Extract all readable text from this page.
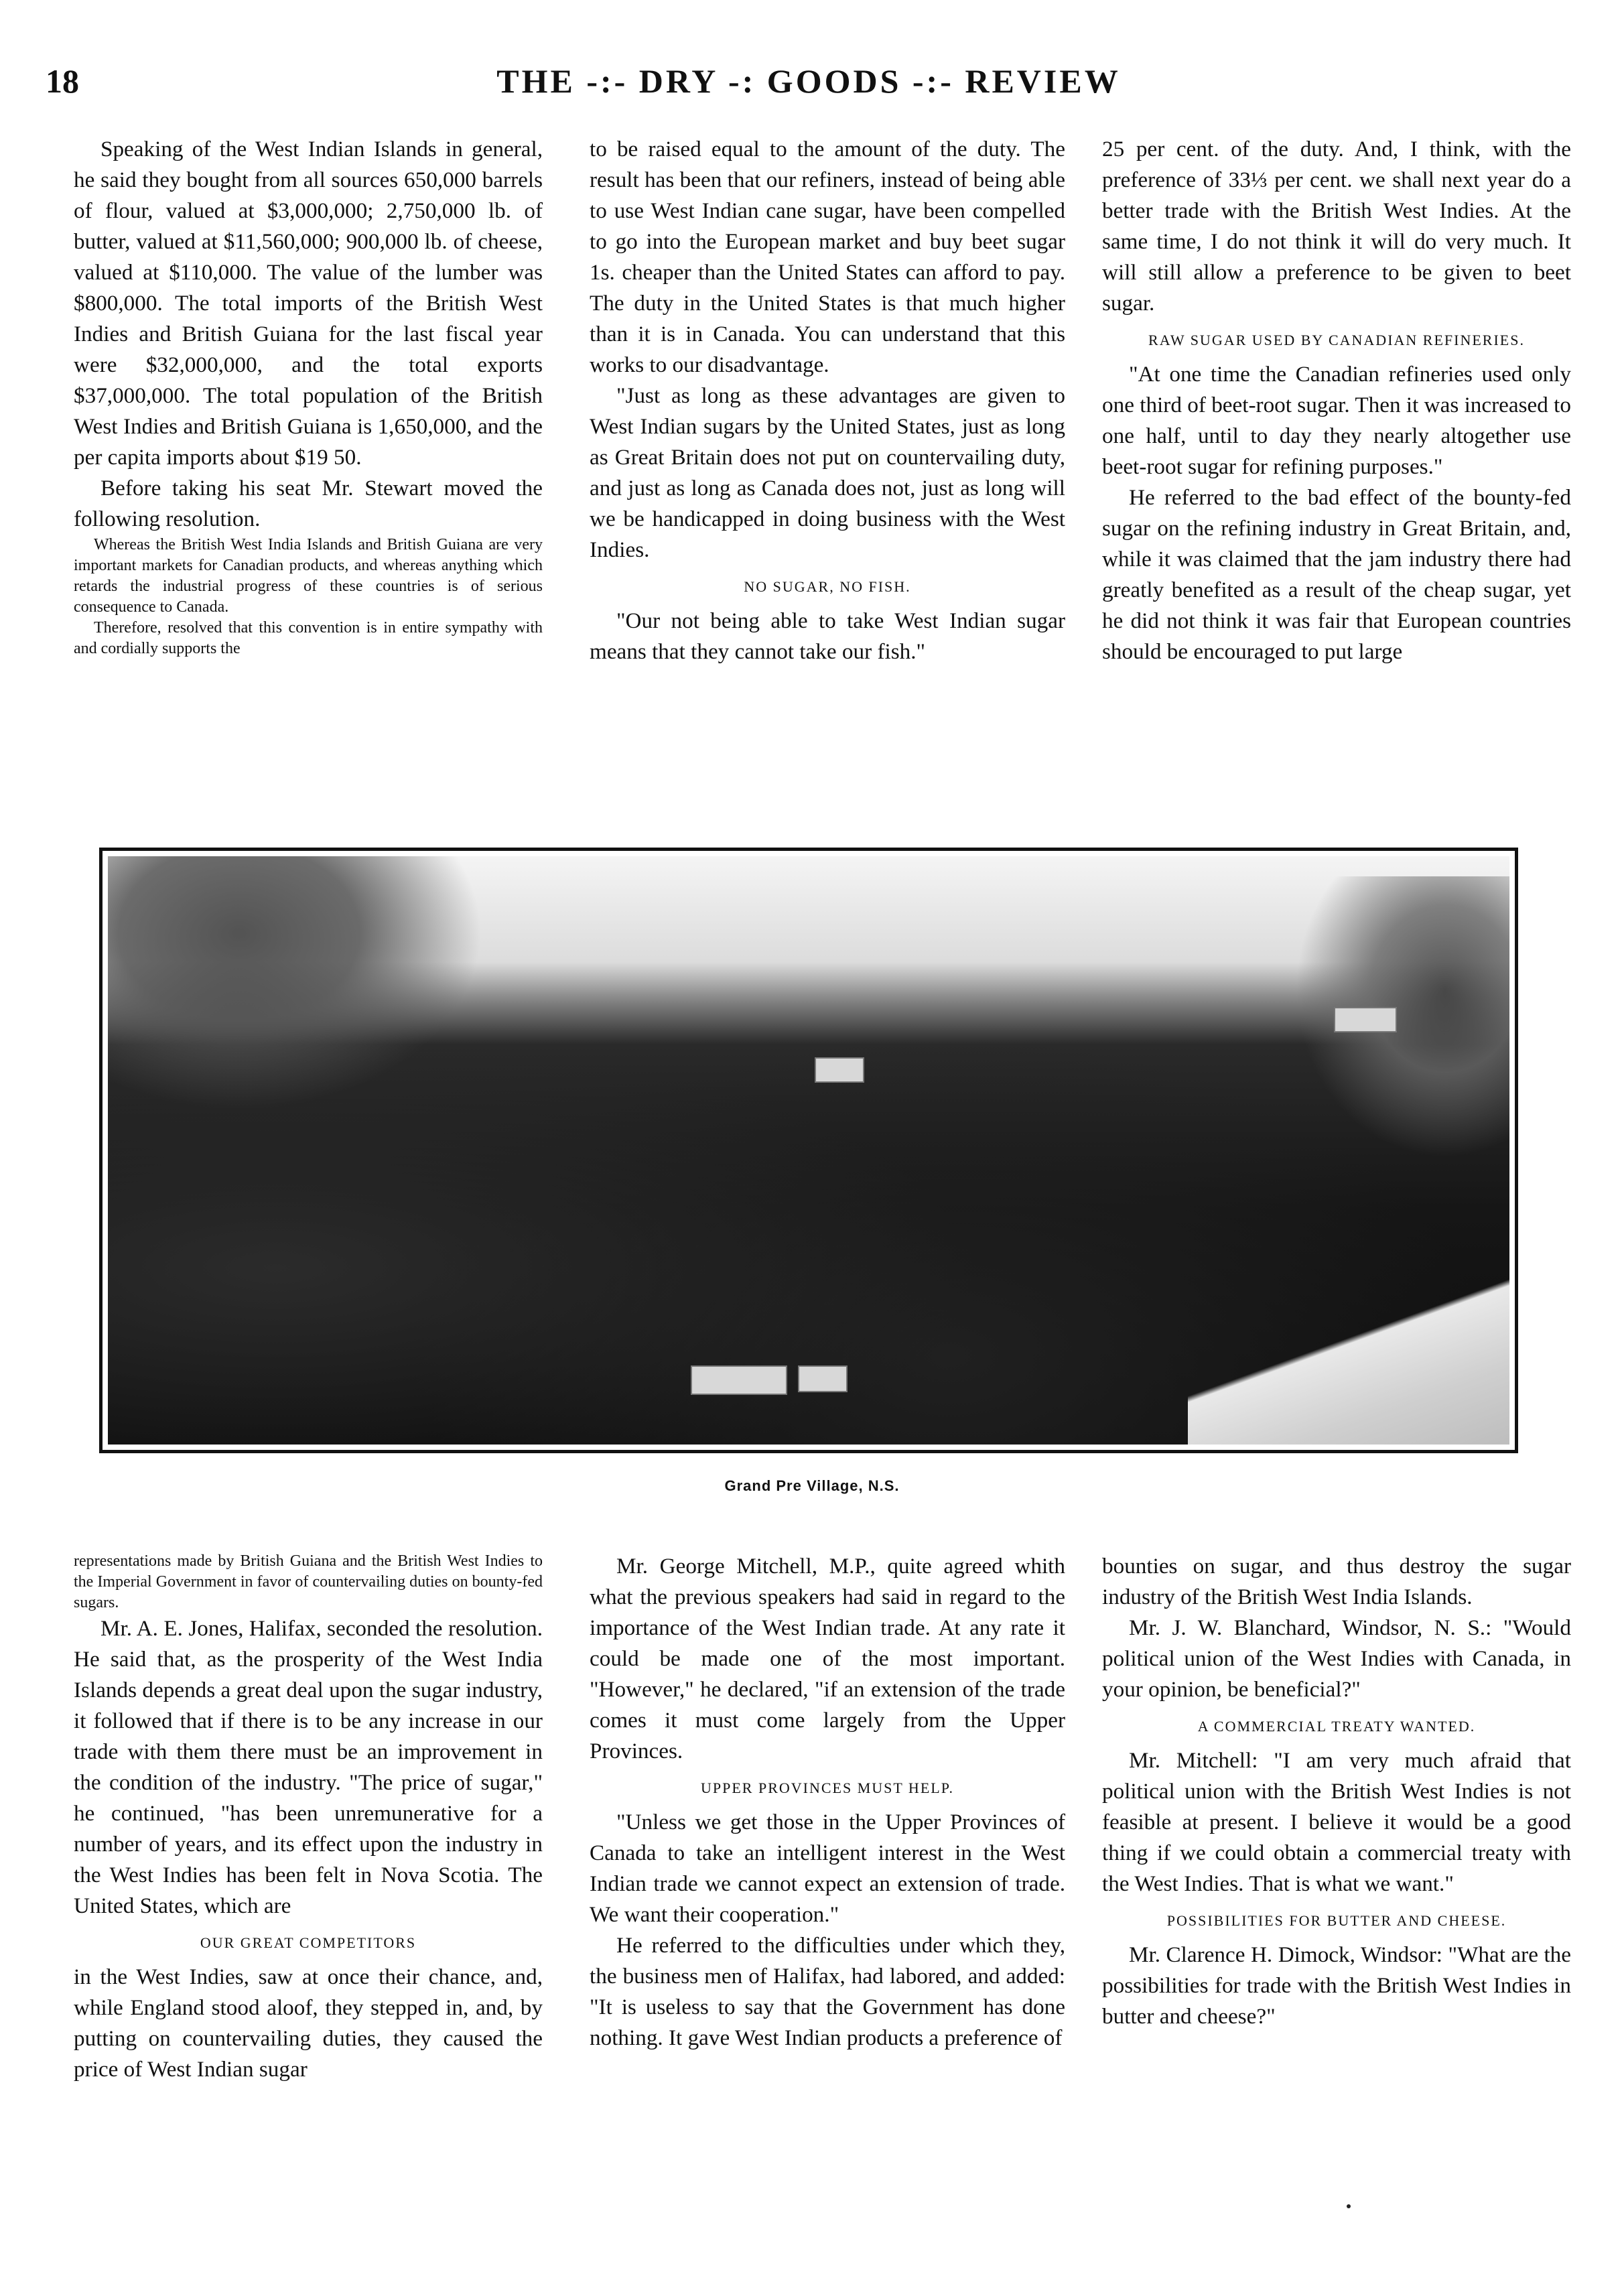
18	THE -:- DRY -: GOODS -:- REVIEW

Speaking of the West Indian Islands in general, he said they bought from all sources 650,000 barrels of flour, valued at $3,000,000; 2,750,000 lb. of butter, valued at $11,560,000; 900,000 lb. of cheese, valued at $110,000. The value of the lumber was $800,000. The total imports of the British West Indies and British Guiana for the last fiscal year were $32,000,000, and the total exports $37,000,000. The total population of the British West Indies and British Guiana is 1,650,000, and the per capita imports about $19 50.

Before taking his seat Mr. Stewart moved the following resolution.

Whereas the British West India Islands and British Guiana are very important markets for Canadian products, and whereas anything which retards the industrial progress of these countries is of serious consequence to Canada.

Therefore, resolved that this convention is in entire sympathy with and cordially supports the

to be raised equal to the amount of the duty. The result has been that our refiners, instead of being able to use West Indian cane sugar, have been compelled to go into the European market and buy beet sugar 1s. cheaper than the United States can afford to pay. The duty in the United States is that much higher than it is in Canada. You can understand that this works to our disadvantage.

"Just as long as these advantages are given to West Indian sugars by the United States, just as long as Great Britain does not put on countervailing duty, and just as long as Canada does not, just as long will we be handicapped in doing business with the West Indies.

NO SUGAR, NO FISH.

"Our not being able to take West Indian sugar means that they cannot take our fish."

25 per cent. of the duty. And, I think, with the preference of 33⅓ per cent. we shall next year do a better trade with the British West Indies. At the same time, I do not think it will do very much. It will still allow a preference to be given to beet sugar.

RAW SUGAR USED BY CANADIAN REFINERIES.

"At one time the Canadian refineries used only one third of beet-root sugar. Then it was increased to one half, until to day they nearly altogether use beet-root sugar for refining purposes."

He referred to the bad effect of the bounty-fed sugar on the refining industry in Great Britain, and, while it was claimed that the jam industry there had greatly benefited as a result of the cheap sugar, yet he did not think it was fair that European countries should be encouraged to put large

Grand Pre Village, N.S.

representations made by British Guiana and the British West Indies to the Imperial Government in favor of countervailing duties on bounty-fed sugars.

Mr. A. E. Jones, Halifax, seconded the resolution. He said that, as the prosperity of the West India Islands depends a great deal upon the sugar industry, it followed that if there is to be any increase in our trade with them there must be an improvement in the condition of the industry. "The price of sugar," he continued, "has been unremunerative for a number of years, and its effect upon the industry in the West Indies has been felt in Nova Scotia. The United States, which are

OUR GREAT COMPETITORS

in the West Indies, saw at once their chance, and, while England stood aloof, they stepped in, and, by putting on countervailing duties, they caused the price of West Indian sugar

Mr. George Mitchell, M.P., quite agreed whith what the previous speakers had said in regard to the importance of the West Indian trade. At any rate it could be made one of the most important. "However," he declared, "if an extension of the trade comes it must come largely from the Upper Provinces.

UPPER PROVINCES MUST HELP.

"Unless we get those in the Upper Provinces of Canada to take an intelligent interest in the West Indian trade we cannot expect an extension of trade. We want their cooperation."

He referred to the difficulties under which they, the business men of Halifax, had labored, and added: "It is useless to say that the Government has done nothing. It gave West Indian products a preference of

bounties on sugar, and thus destroy the sugar industry of the British West India Islands.

Mr. J. W. Blanchard, Windsor, N. S.: "Would political union of the West Indies with Canada, in your opinion, be beneficial?"

A COMMERCIAL TREATY WANTED.

Mr. Mitchell: "I am very much afraid that political union with the British West Indies is not feasible at present. I believe it would be a good thing if we could obtain a commercial treaty with the West Indies. That is what we want."

POSSIBILITIES FOR BUTTER AND CHEESE.

Mr. Clarence H. Dimock, Windsor: "What are the possibilities for trade with the British West Indies in butter and cheese?"
